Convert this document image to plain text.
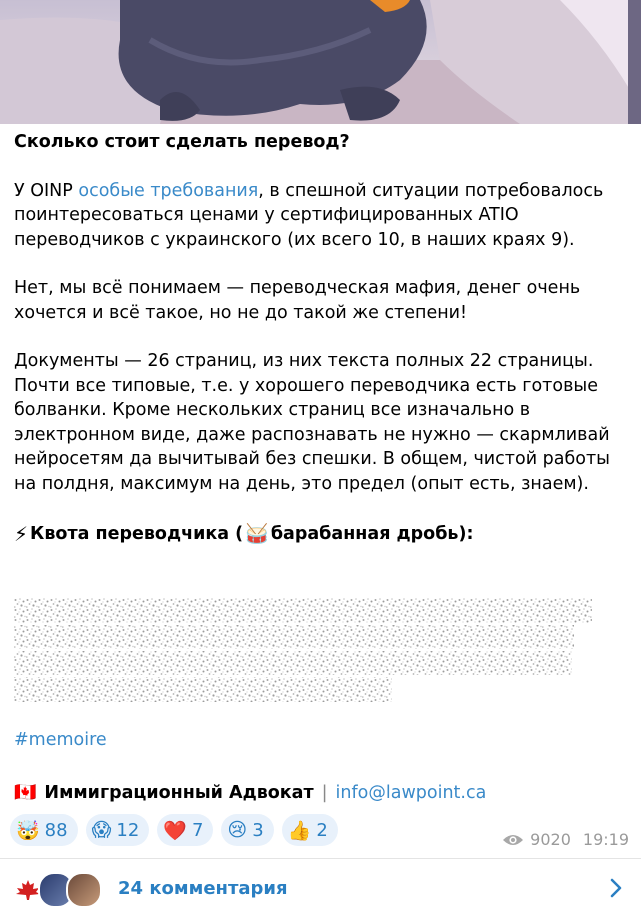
Сколько стоит сделать перевод?

У OINP особые требования, в спешной ситуации потребовалось поинтересоваться ценами у сертифицированных ATIO переводчиков с украинского (их всего 10, в наших краях 9).

Нет, мы всё понимаем — переводческая мафия, денег очень хочется и всё такое, но не до такой же степени!

Документы — 26 страниц, из них текста полных 22 страницы. Почти все типовые, т.е. у хорошего переводчика есть готовые болванки. Кроме нескольких страниц все изначально в электронном виде, даже распознавать не нужно — скармливай нейросетям да вычитывай без спешки. В общем, чистой работы на полдня, максимум на день, это предел (опыт есть, знаем).

⚡ Квота переводчика ( 🥁 барабанная дробь):

#memoire
🇨🇦 Иммиграционный Адвокат | info@lawpoint.ca
🤯 88 😱 12 ❤️ 7 😢 3 👍 2	9020 19:19
24 комментария
